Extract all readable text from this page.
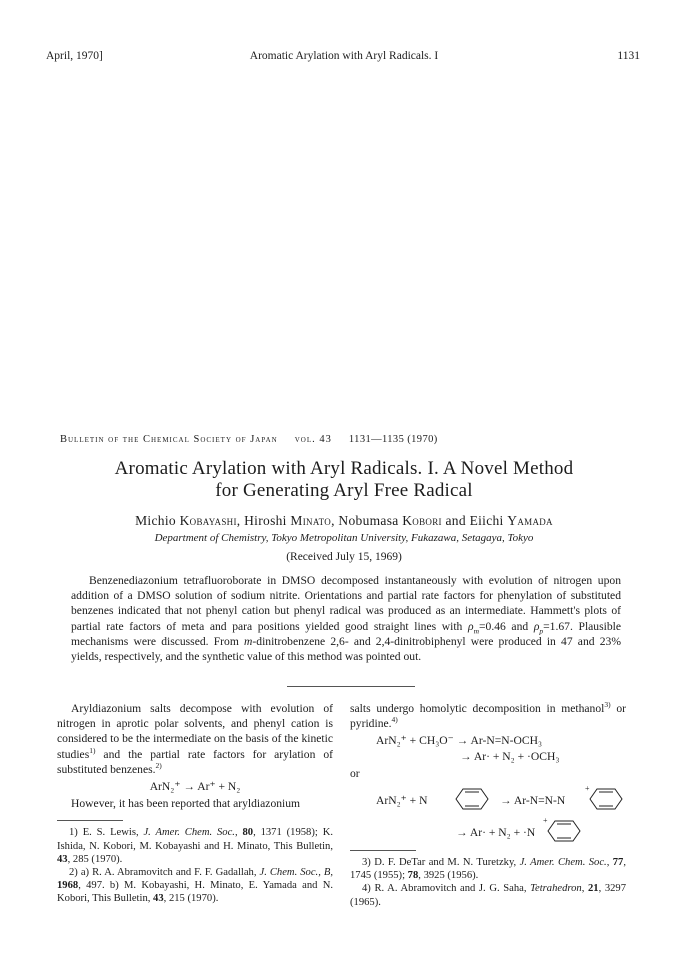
April, 1970]	Aromatic Arylation with Aryl Radicals. I	1131
Bulletin of the Chemical Society of Japan vol. 43 1131—1135 (1970)
Aromatic Arylation with Aryl Radicals. I. A Novel Method
for Generating Aryl Free Radical
Michio Kobayashi, Hiroshi Minato, Nobumasa Kobori and Eiichi Yamada
Department of Chemistry, Tokyo Metropolitan University, Fukazawa, Setagaya, Tokyo
(Received July 15, 1969)
Benzenediazonium tetrafluoroborate in DMSO decomposed instantaneously with evolution of nitrogen upon addition of a DMSO solution of sodium nitrite. Orientations and partial rate factors for phenylation of substituted benzenes indicated that not phenyl cation but phenyl radical was produced as an intermediate. Hammett's plots of partial rate factors of meta and para positions yielded good straight lines with $\rho_m=0.46$ and $\rho_p=1.67$. Plausible mechanisms were discussed. From m-dinitrobenzene 2,6- and 2,4-dinitrobiphenyl were produced in 47 and 23% yields, respectively, and the synthetic value of this method was pointed out.

Aryldiazonium salts decompose with evolution of nitrogen in aprotic polar solvents, and phenyl cation is considered to be the intermediate on the basis of the kinetic studies$^{1)}$ and the partial rate factors for arylation of substituted benzenes.$^{2)}$

ArN₂⁺ → Ar⁺ + N₂

However, it has been reported that aryldiazonium

1) E. S. Lewis, J. Amer. Chem. Soc., 80, 1371 (1958); K. Ishida, N. Kobori, M. Kobayashi and H. Minato, This Bulletin, 43, 285 (1970).

2) a) R. A. Abramovitch and F. F. Gadallah, J. Chem. Soc., B, 1968, 497. b) M. Kobayashi, H. Minato, E. Yamada and N. Kobori, This Bulletin, 43, 215 (1970).

salts undergo homolytic decomposition in methanol$^{3)}$ or pyridine.$^{4)}$

ArN₂⁺ + CH₃O⁻ → Ar-N=N-OCH₃
→ Ar· + N₂ + ·OCH₃
or
ArN₂⁺ + N	→ Ar-N=N-N
+
→ Ar· + N₂ + ·N
+

3) D. F. DeTar and M. N. Turetzky, J. Amer. Chem. Soc., 77, 1745 (1955); 78, 3925 (1956).

4) R. A. Abramovitch and J. G. Saha, Tetrahedron, 21, 3297 (1965).
